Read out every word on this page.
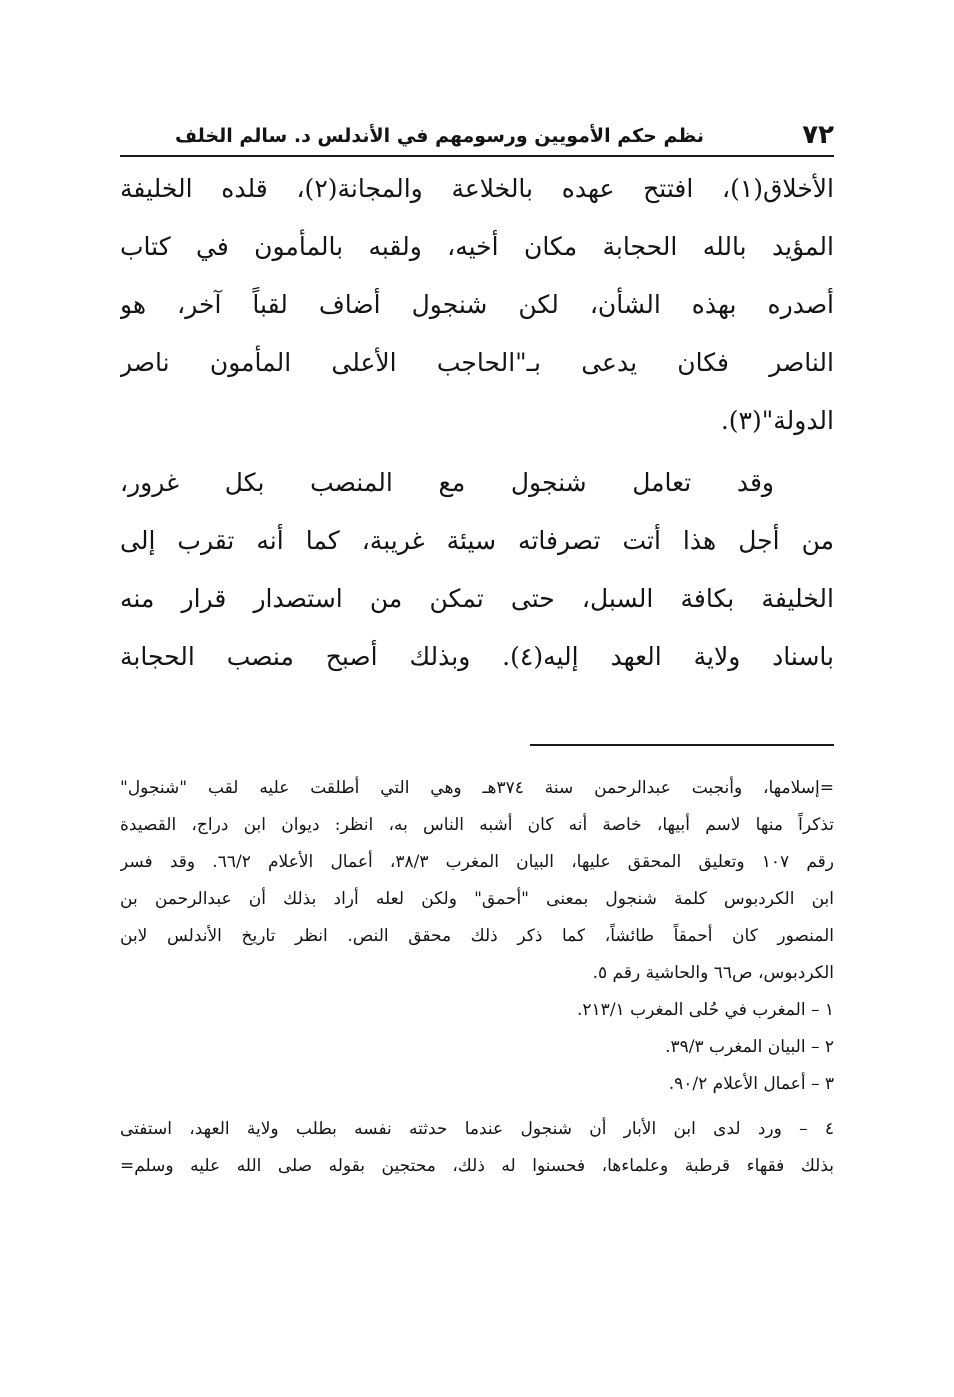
٧٢
نظم حكم الأمويين ورسومهم في الأندلس د. سالم الخلف
الأخلاق(١)، افتتح عهده بالخلاعة والمجانة(٢)، قلده الخليفة
المؤيد بالله الحجابة مكان أخيه، ولقبه بالمأمون في كتاب
أصدره بهذه الشأن، لكن شنجول أضاف لقباً آخر، هو
الناصر فكان يدعى بـ"الحاجب الأعلى المأمون ناصر
الدولة"(٣).
وقد تعامل شنجول مع المنصب بكل غرور،
من أجل هذا أتت تصرفاته سيئة غريبة، كما أنه تقرب إلى
الخليفة بكافة السبل، حتى تمكن من استصدار قرار منه
باسناد ولاية العهد إليه(٤). وبذلك أصبح منصب الحجابة
=إسلامها، وأنجبت عبدالرحمن سنة ٣٧٤هـ وهي التي أطلقت عليه لقب "شنجول"
تذكراً منها لاسم أبيها، خاصة أنه كان أشبه الناس به، انظر: ديوان ابن دراج، القصيدة
رقم ١٠٧ وتعليق المحقق عليها، البيان المغرب ٣٨/٣، أعمال الأعلام ٦٦/٢. وقد فسر
ابن الكردبوس كلمة شنجول بمعنى "أحمق" ولكن لعله أراد بذلك أن عبدالرحمن بن
المنصور كان أحمقاً طائشاً، كما ذكر ذلك محقق النص. انظر تاريخ الأندلس لابن
الكردبوس، ص٦٦ والحاشية رقم ٥.
١ – المغرب في حُلى المغرب ٢١٣/١.
٢ – البيان المغرب ٣٩/٣.
٣ – أعمال الأعلام ٩٠/٢.
٤ – ورد لدى ابن الأبار أن شنجول عندما حدثته نفسه بطلب ولاية العهد، استفتى
بذلك فقهاء قرطبة وعلماءها، فحسنوا له ذلك، محتجين بقوله صلى الله عليه وسلم=
